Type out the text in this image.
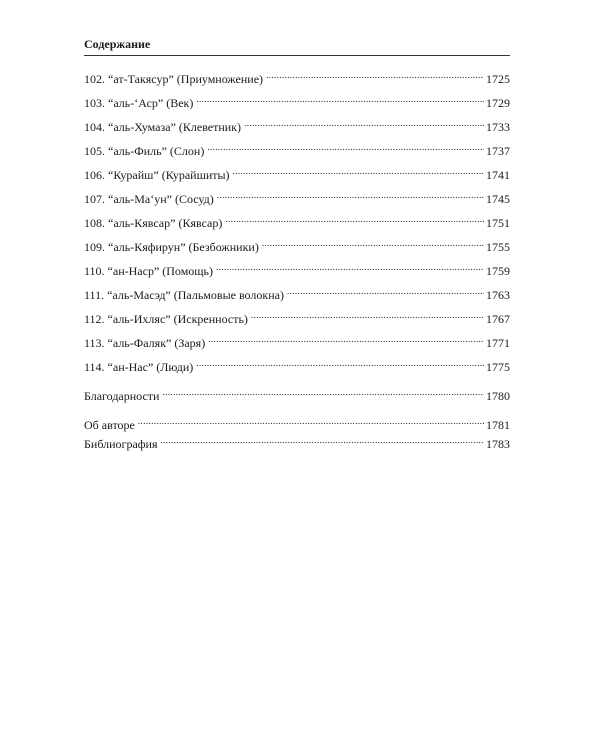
Содержание
102. “ат-Такясур” (Приумножение) .....	1725
103. “аль-‘Аср” (Век) .....	1729
104. “аль-Хумаза” (Клеветник) .....	1733
105. “аль-Филь” (Слон) .....	1737
106. “Курайш” (Курайшиты) .....	1741
107. “аль-Ма‘ун” (Сосуд) .....	1745
108. “аль-Кявсар” (Кявсар) .....	1751
109. “аль-Кяфирун” (Безбожники) .....	1755
110. “ан-Наср” (Помощь) .....	1759
111. “аль-Масэд” (Пальмовые волокна) .....	1763
112. “аль-Ихляс” (Искренность) .....	1767
113. “аль-Фаляк” (Заря) .....	1771
114. “ан-Нас” (Люди) .....	1775
Благодарности .....	1780
Об авторе .....	1781
Библиография .....	1783
